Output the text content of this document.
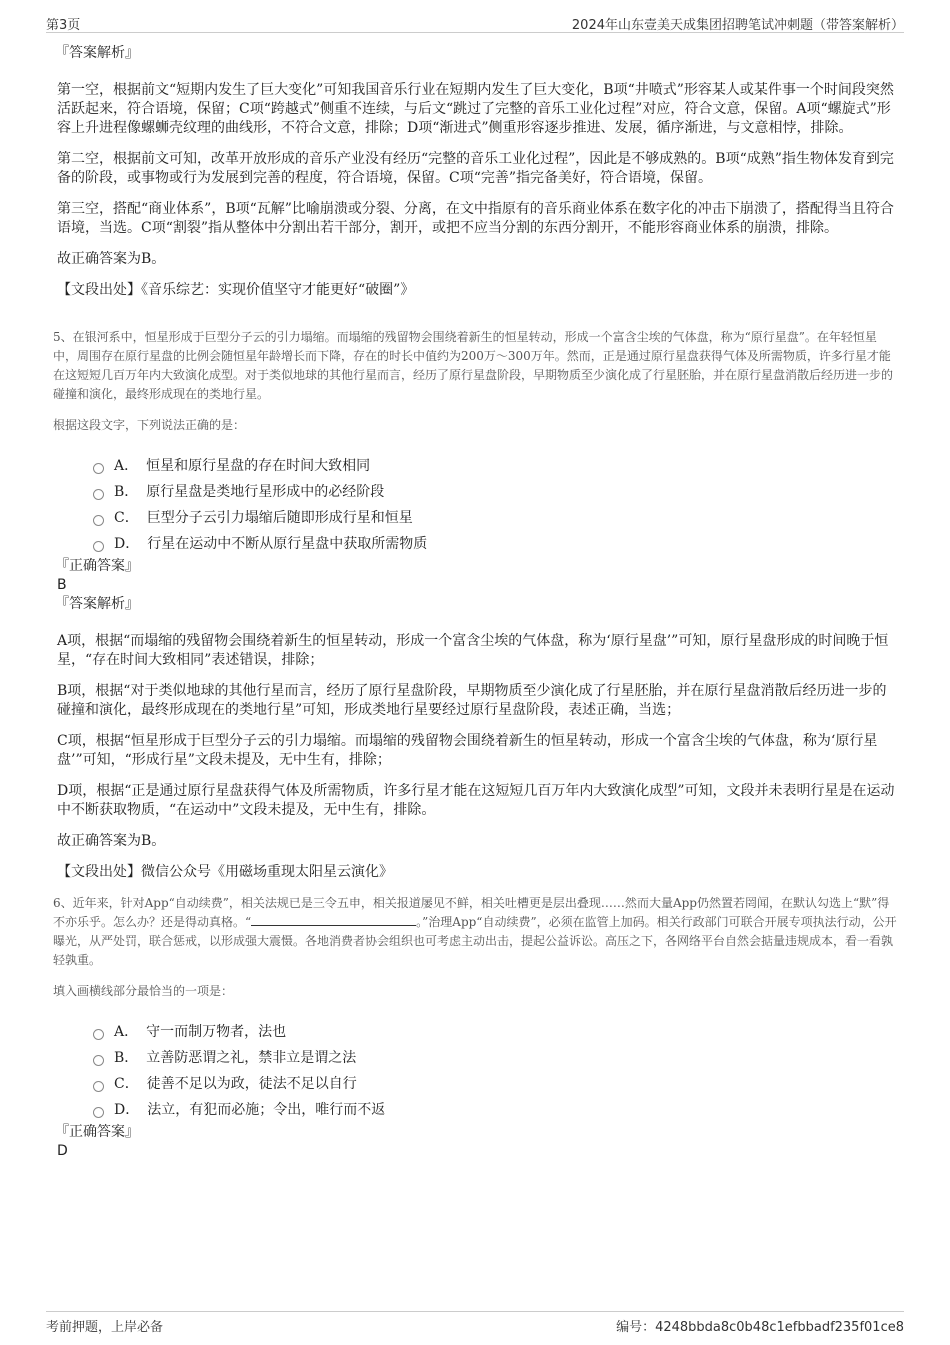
第3页	2024年山东壹美天成集团招聘笔试冲刺题（带答案解析）
『答案解析』

第一空，根据前文“短期内发生了巨大变化”可知我国音乐行业在短期内发生了巨大变化，B项“井喷式”形容某人或某件事一个时间段突然活跃起来，符合语境，保留；C项“跨越式”侧重不连续，与后文“跳过了完整的音乐工业化过程”对应，符合文意，保留。A项“螺旋式”形容上升进程像螺蛳壳纹理的曲线形，不符合文意，排除；D项“渐进式”侧重形容逐步推进、发展，循序渐进，与文意相悖，排除。

第二空，根据前文可知，改革开放形成的音乐产业没有经历“完整的音乐工业化过程”，因此是不够成熟的。B项“成熟”指生物体发育到完备的阶段，或事物或行为发展到完善的程度，符合语境，保留。C项“完善”指完备美好，符合语境，保留。

第三空，搭配“商业体系”，B项“瓦解”比喻崩溃或分裂、分离，在文中指原有的音乐商业体系在数字化的冲击下崩溃了，搭配得当且符合语境，当选。C项“割裂”指从整体中分割出若干部分，割开，或把不应当分割的东西分割开，不能形容商业体系的崩溃，排除。

故正确答案为B。

【文段出处】《音乐综艺：实现价值坚守才能更好“破圈”》

5、在银河系中，恒星形成于巨型分子云的引力塌缩。而塌缩的残留物会围绕着新生的恒星转动，形成一个富含尘埃的气体盘，称为“原行星盘”。在年轻恒星中，周围存在原行星盘的比例会随恒星年龄增长而下降，存在的时长中值约为200万～300万年。然而，正是通过原行星盘获得气体及所需物质，许多行星才能在这短短几百万年内大致演化成型。对于类似地球的其他行星而言，经历了原行星盘阶段，早期物质至少演化成了行星胚胎，并在原行星盘消散后经历进一步的碰撞和演化，最终形成现在的类地行星。

根据这段文字，下列说法正确的是：

A． 恒星和原行星盘的存在时间大致相同
B． 原行星盘是类地行星形成中的必经阶段
C． 巨型分子云引力塌缩后随即形成行星和恒星
D． 行星在运动中不断从原行星盘中获取所需物质
『正确答案』
B
『答案解析』

A项，根据“而塌缩的残留物会围绕着新生的恒星转动，形成一个富含尘埃的气体盘，称为‘原行星盘’”可知，原行星盘形成的时间晚于恒星，“存在时间大致相同”表述错误，排除；

B项，根据“对于类似地球的其他行星而言，经历了原行星盘阶段，早期物质至少演化成了行星胚胎，并在原行星盘消散后经历进一步的碰撞和演化，最终形成现在的类地行星”可知，形成类地行星要经过原行星盘阶段，表述正确，当选；

C项，根据“恒星形成于巨型分子云的引力塌缩。而塌缩的残留物会围绕着新生的恒星转动，形成一个富含尘埃的气体盘，称为‘原行星盘’”可知，“形成行星”文段未提及，无中生有，排除；

D项，根据“正是通过原行星盘获得气体及所需物质，许多行星才能在这短短几百万年内大致演化成型”可知，文段并未表明行星是在运动中不断获取物质，“在运动中”文段未提及，无中生有，排除。

故正确答案为B。

【文段出处】微信公众号《用磁场重现太阳星云演化》

6、近年来，针对App“自动续费”，相关法规已是三令五申，相关报道屡见不鲜，相关吐槽更是层出叠现……然而大量App仍然置若罔闻，在默认勾选上“默”得不亦乐乎。怎么办？还是得动真格。“	。”治理App“自动续费”，必须在监管上加码。相关行政部门可联合开展专项执法行动，公开曝光，从严处罚，联合惩戒，以形成强大震慑。各地消费者协会组织也可考虑主动出击，提起公益诉讼。高压之下，各网络平台自然会掂量违规成本，看一看孰轻孰重。

填入画横线部分最恰当的一项是：

A． 守一而制万物者，法也
B． 立善防恶谓之礼，禁非立是谓之法
C． 徒善不足以为政，徒法不足以自行
D． 法立，有犯而必施；令出，唯行而不返
『正确答案』
D
考前押题，上岸必备	编号：4248bbda8c0b48c1efbbadf235f01ce8
